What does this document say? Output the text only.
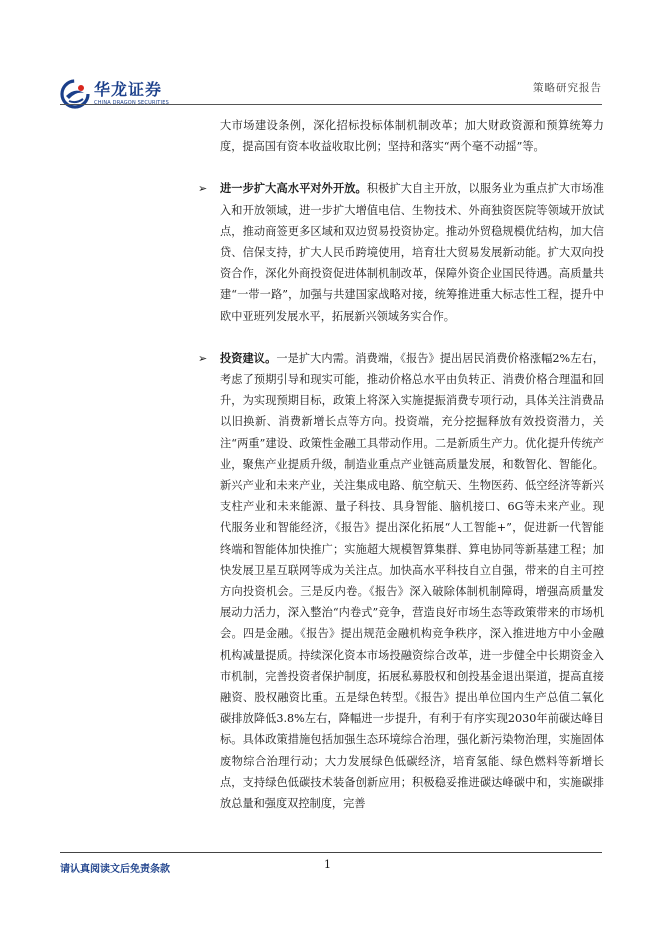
华龙证券
CHINA DRAGON SECURITIES
策略研究报告

大市场建设条例，深化招标投标体制机制改革；加大财政资源和预算统筹力度，提高国有资本收益收取比例；坚持和落实“两个毫不动摇”等。

➢ 进一步扩大高水平对外开放。积极扩大自主开放，以服务业为重点扩大市场准入和开放领域，进一步扩大增值电信、生物技术、外商独资医院等领域开放试点，推动商签更多区域和双边贸易投资协定。推动外贸稳规模优结构，加大信贷、信保支持，扩大人民币跨境使用，培育壮大贸易发展新动能。扩大双向投资合作，深化外商投资促进体制机制改革，保障外资企业国民待遇。高质量共建“一带一路”，加强与共建国家战略对接，统筹推进重大标志性工程，提升中欧中亚班列发展水平，拓展新兴领域务实合作。

➢ 投资建议。一是扩大内需。消费端，《报告》提出居民消费价格涨幅2%左右，考虑了预期引导和现实可能，推动价格总水平由负转正、消费价格合理温和回升，为实现预期目标，政策上将深入实施提振消费专项行动，具体关注消费品以旧换新、消费新增长点等方向。投资端，充分挖掘释放有效投资潜力，关注“两重”建设、政策性金融工具带动作用。二是新质生产力。优化提升传统产业，聚焦产业提质升级，制造业重点产业链高质量发展，和数智化、智能化。新兴产业和未来产业，关注集成电路、航空航天、生物医药、低空经济等新兴支柱产业和未来能源、量子科技、具身智能、脑机接口、6G等未来产业。现代服务业和智能经济，《报告》提出深化拓展“人工智能+”，促进新一代智能终端和智能体加快推广；实施超大规模智算集群、算电协同等新基建工程；加快发展卫星互联网等成为关注点。加快高水平科技自立自强，带来的自主可控方向投资机会。三是反内卷。《报告》深入破除体制机制障碍，增强高质量发展动力活力，深入整治“内卷式”竞争，营造良好市场生态等政策带来的市场机会。四是金融。《报告》提出规范金融机构竞争秩序，深入推进地方中小金融机构减量提质。持续深化资本市场投融资综合改革，进一步健全中长期资金入市机制，完善投资者保护制度，拓展私募股权和创投基金退出渠道，提高直接融资、股权融资比重。五是绿色转型。《报告》提出单位国内生产总值二氧化碳排放降低3.8%左右，降幅进一步提升，有利于有序实现2030年前碳达峰目标。具体政策措施包括加强生态环境综合治理，强化新污染物治理，实施固体废物综合治理行动；大力发展绿色低碳经济，培育氢能、绿色燃料等新增长点，支持绿色低碳技术装备创新应用；积极稳妥推进碳达峰碳中和，实施碳排放总量和强度双控制度，完善

请认真阅读文后免责条款	1
